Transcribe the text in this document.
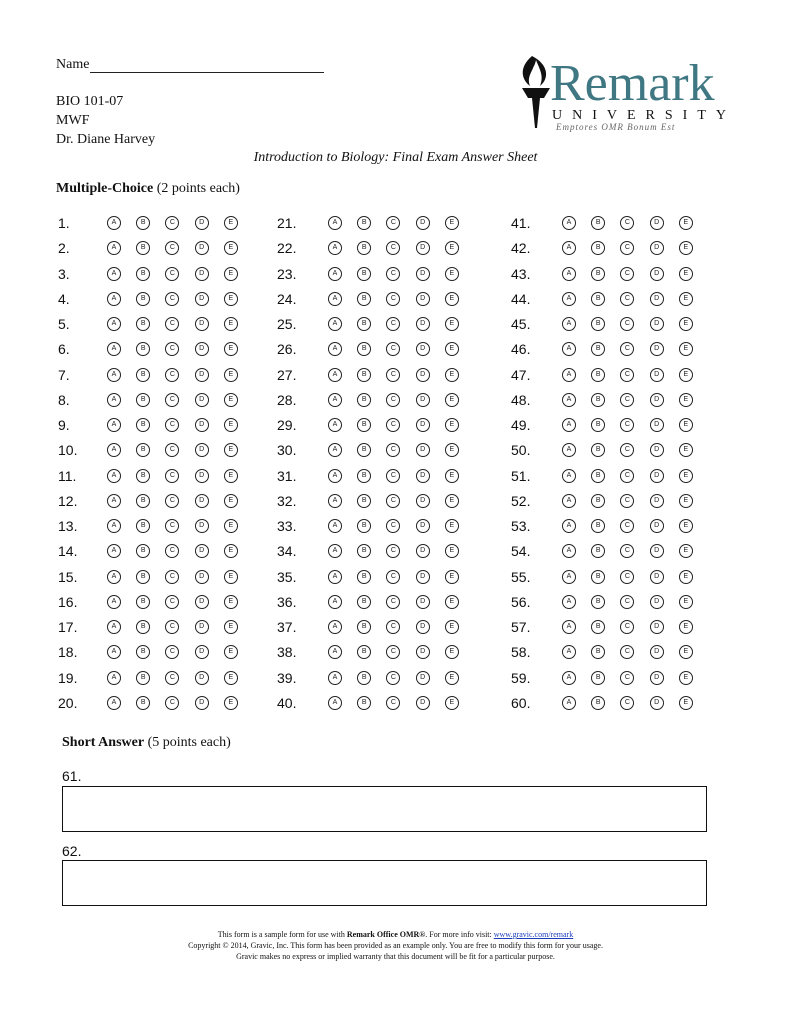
Name
BIO 101-07
MWF
Dr. Diane Harvey
Introduction to Biology: Final Exam Answer Sheet
Remark
UNIVERSITY
Emptores OMR Bonum Est
Multiple-Choice (2 points each)
1.	A	B	C	D	E
2.	A	B	C	D	E
3.	A	B	C	D	E
4.	A	B	C	D	E
5.	A	B	C	D	E
6.	A	B	C	D	E
7.	A	B	C	D	E
8.	A	B	C	D	E
9.	A	B	C	D	E
10.	A	B	C	D	E
11.	A	B	C	D	E
12.	A	B	C	D	E
13.	A	B	C	D	E
14.	A	B	C	D	E
15.	A	B	C	D	E
16.	A	B	C	D	E
17.	A	B	C	D	E
18.	A	B	C	D	E
19.	A	B	C	D	E
20.	A	B	C	D	E
21.	A	B	C	D	E
22.	A	B	C	D	E
23.	A	B	C	D	E
24.	A	B	C	D	E
25.	A	B	C	D	E
26.	A	B	C	D	E
27.	A	B	C	D	E
28.	A	B	C	D	E
29.	A	B	C	D	E
30.	A	B	C	D	E
31.	A	B	C	D	E
32.	A	B	C	D	E
33.	A	B	C	D	E
34.	A	B	C	D	E
35.	A	B	C	D	E
36.	A	B	C	D	E
37.	A	B	C	D	E
38.	A	B	C	D	E
39.	A	B	C	D	E
40.	A	B	C	D	E
41.	A	B	C	D	E
42.	A	B	C	D	E
43.	A	B	C	D	E
44.	A	B	C	D	E
45.	A	B	C	D	E
46.	A	B	C	D	E
47.	A	B	C	D	E
48.	A	B	C	D	E
49.	A	B	C	D	E
50.	A	B	C	D	E
51.	A	B	C	D	E
52.	A	B	C	D	E
53.	A	B	C	D	E
54.	A	B	C	D	E
55.	A	B	C	D	E
56.	A	B	C	D	E
57.	A	B	C	D	E
58.	A	B	C	D	E
59.	A	B	C	D	E
60.	A	B	C	D	E
Short Answer (5 points each)
61.
62.
This form is a sample form for use with Remark Office OMR®. For more info visit: www.gravic.com/remark
Copyright © 2014, Gravic, Inc. This form has been provided as an example only. You are free to modify this form for your usage.
Gravic makes no express or implied warranty that this document will be fit for a particular purpose.
